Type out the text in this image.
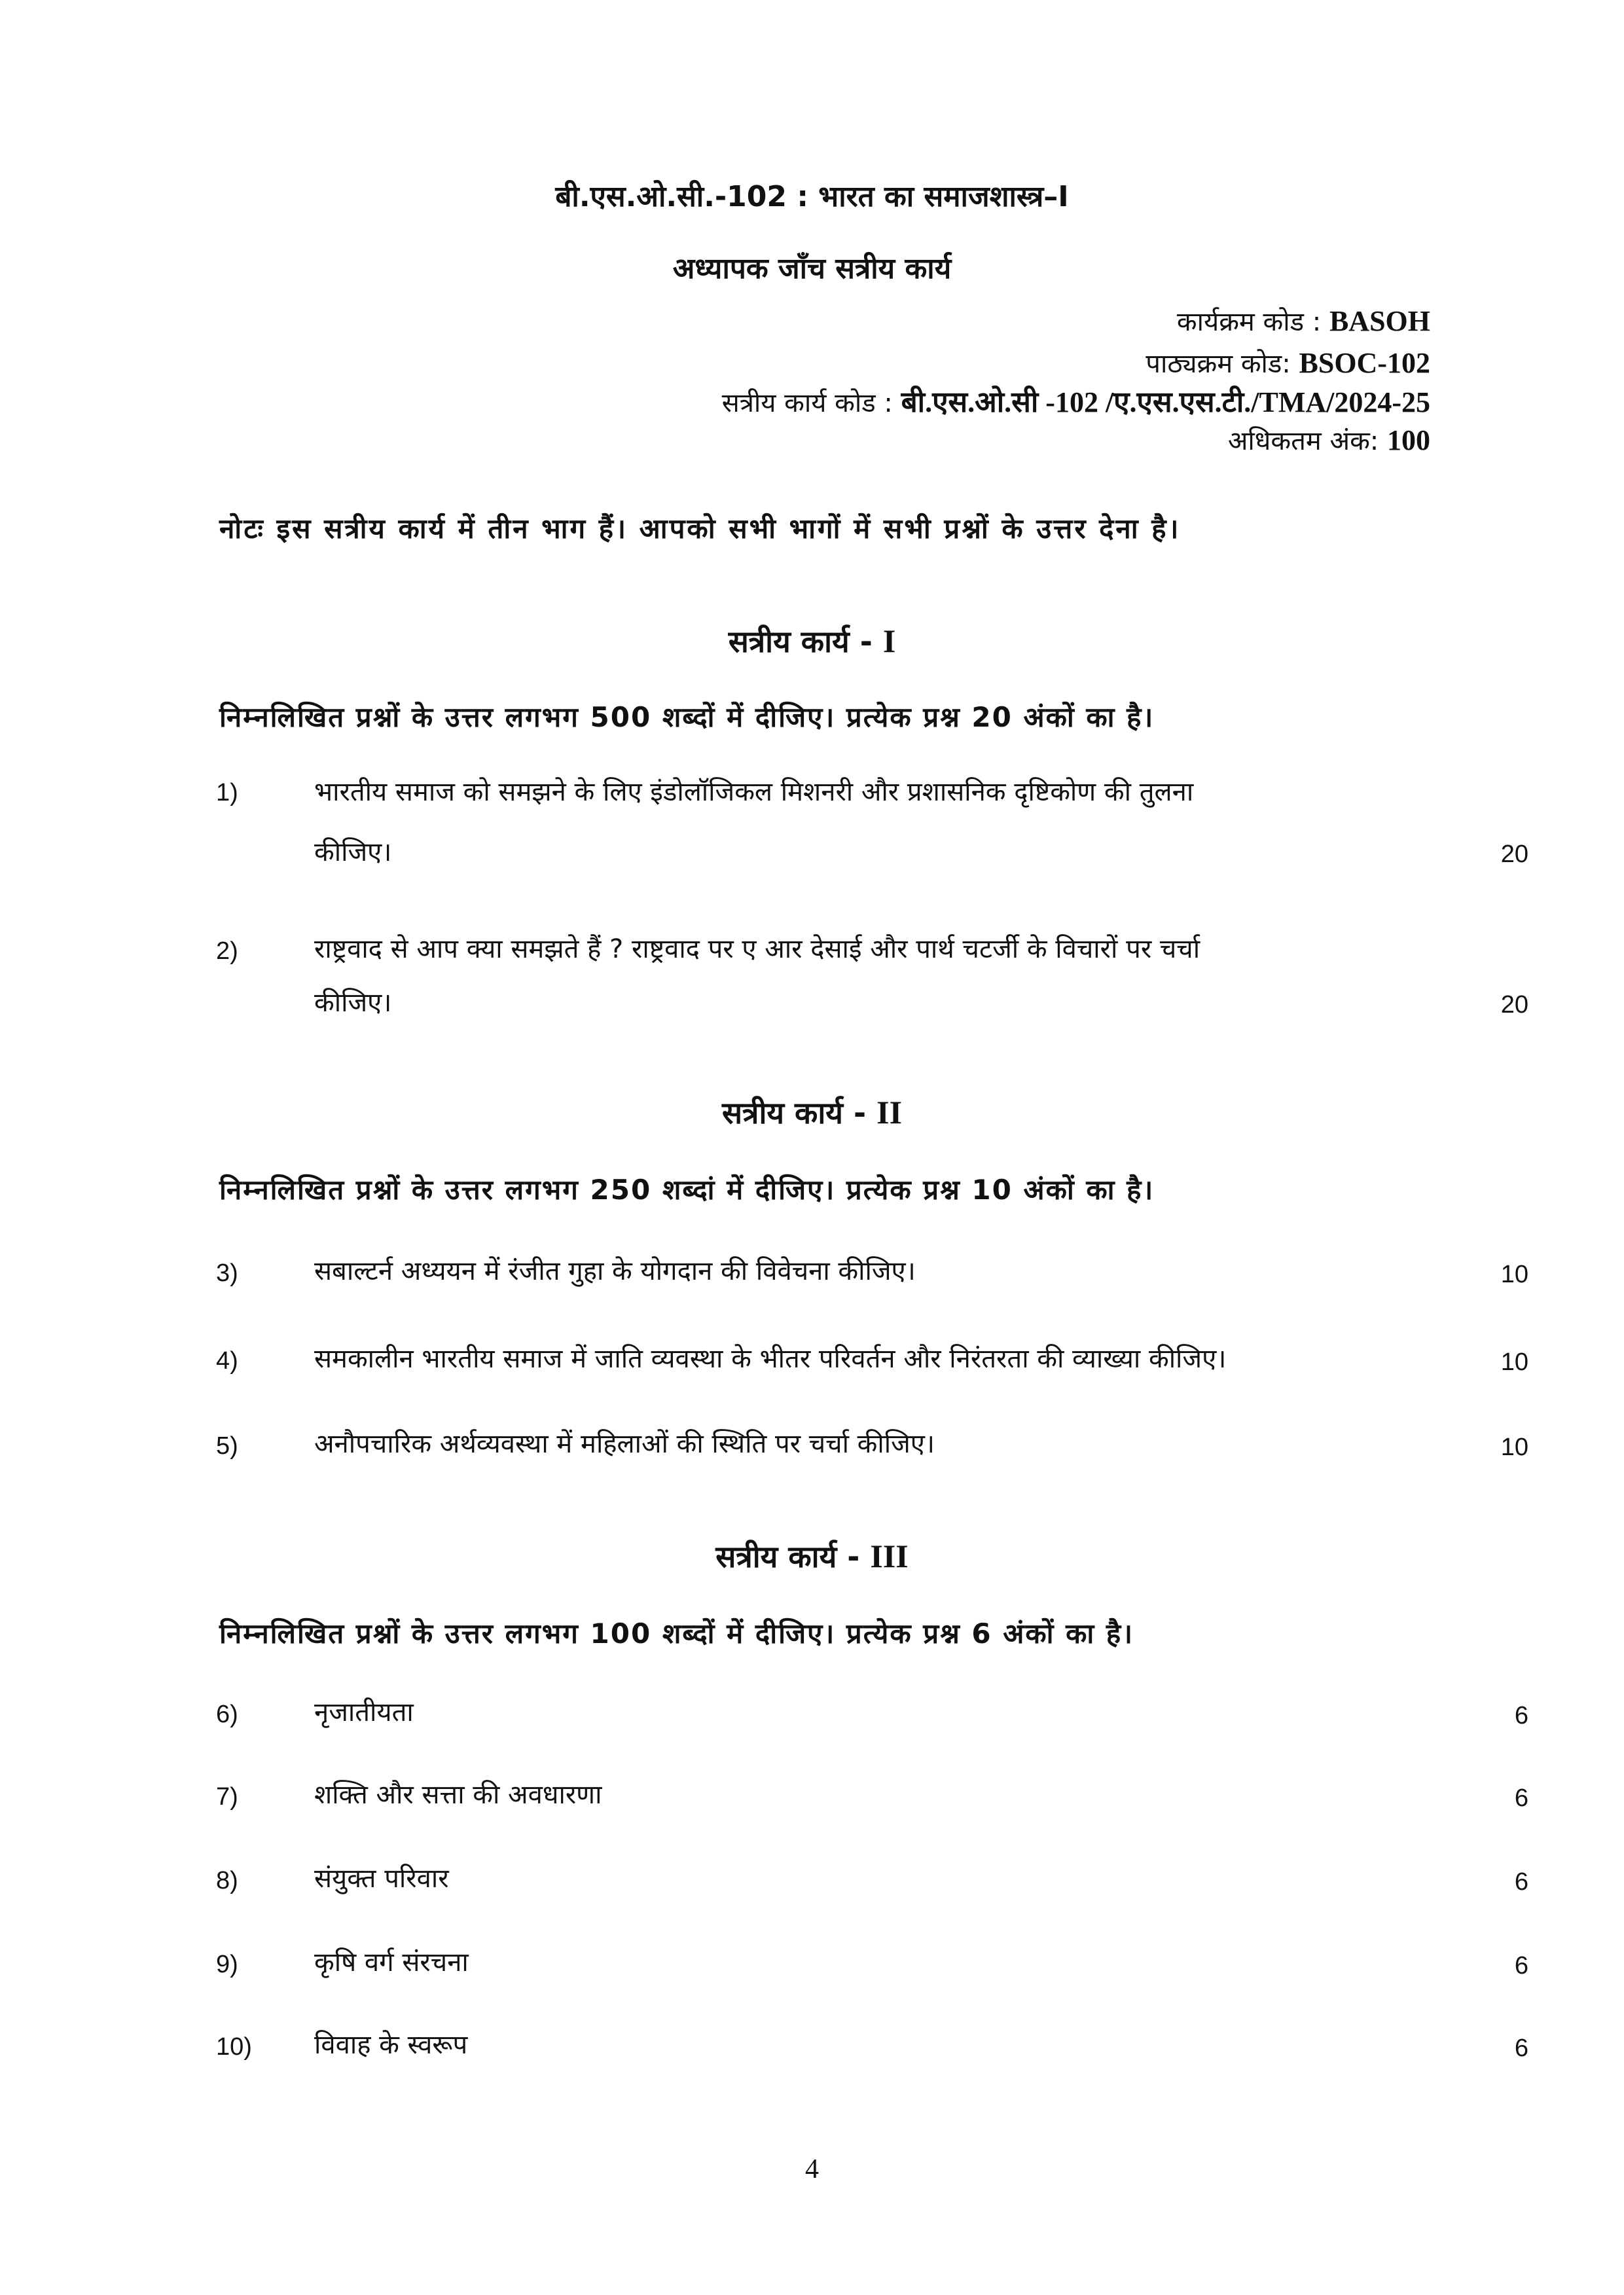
बी.एस.ओ.सी.-102 : भारत का समाजशास्त्र–I
अध्यापक जाँच सत्रीय कार्य
कार्यक्रम कोड : BASOH
पाठ्यक्रम कोड: BSOC-102
सत्रीय कार्य कोड : बी.एस.ओ.सी -102 /ए.एस.एस.टी./TMA/2024-25
अधिकतम अंक: 100
नोटः इस सत्रीय कार्य में तीन भाग हैं। आपको सभी भागों में सभी प्रश्नों के उत्तर देना है।
सत्रीय कार्य - I
निम्नलिखित प्रश्नों के उत्तर लगभग 500 शब्दों में दीजिए। प्रत्येक प्रश्न 20 अंकों का है।
1)	भारतीय समाज को समझने के लिए इंडोलॉजिकल मिशनरी और प्रशासनिक दृष्टिकोण की तुलना
कीजिए।	20
2)	राष्ट्रवाद से आप क्या समझते हैं ? राष्ट्रवाद पर ए आर देसाई और पार्थ चटर्जी के विचारों पर चर्चा
कीजिए।	20
सत्रीय कार्य - II
निम्नलिखित प्रश्नों के उत्तर लगभग 250 शब्दां में दीजिए। प्रत्येक प्रश्न 10 अंकों का है।
3)	सबाल्टर्न अध्ययन में रंजीत गुहा के योगदान की विवेचना कीजिए।	10
4)	समकालीन भारतीय समाज में जाति व्यवस्था के भीतर परिवर्तन और निरंतरता की व्याख्या कीजिए।	10
5)	अनौपचारिक अर्थव्यवस्था में महिलाओं की स्थिति पर चर्चा कीजिए।	10
सत्रीय कार्य - III
निम्नलिखित प्रश्नों के उत्तर लगभग 100 शब्दों में दीजिए। प्रत्येक प्रश्न 6 अंकों का है।
6)	नृजातीयता	6
7)	शक्ति और सत्ता की अवधारणा	6
8)	संयुक्त परिवार	6
9)	कृषि वर्ग संरचना	6
10) विवाह के स्वरूप	6
4
